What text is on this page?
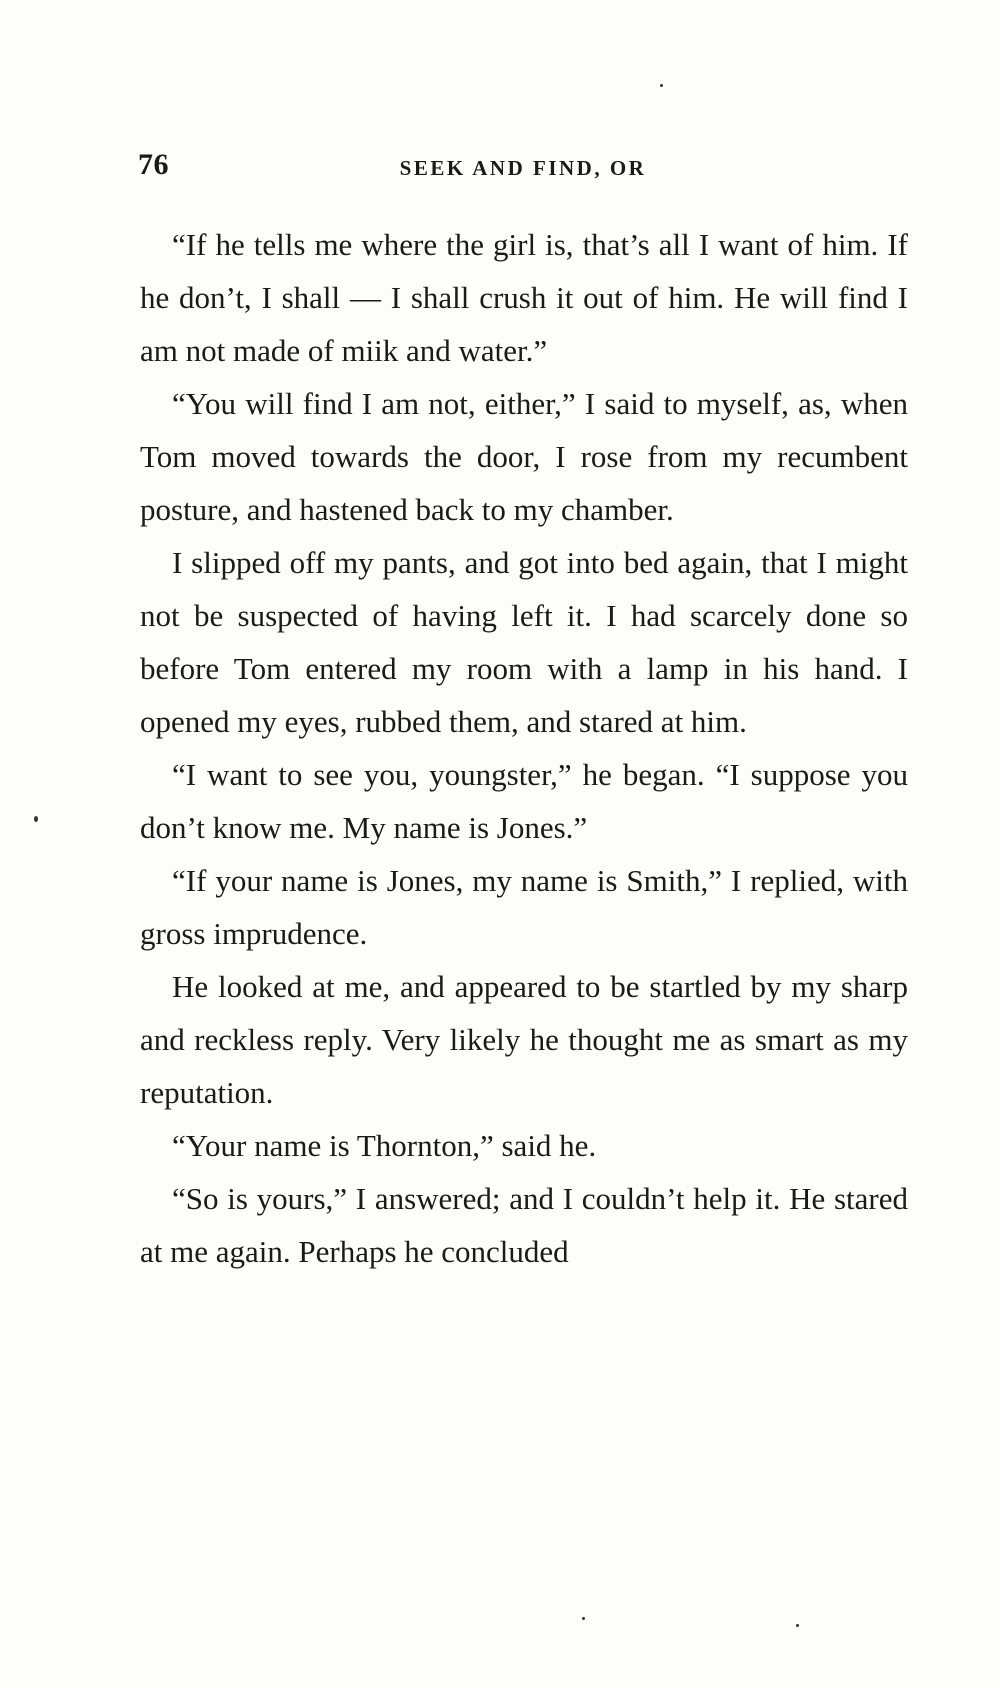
76	SEEK AND FIND, OR

“If he tells me where the girl is, that’s all I want of him. If he don’t, I shall — I shall crush it out of him. He will find I am not made of miik and water.”

“You will find I am not, either,” I said to myself, as, when Tom moved towards the door, I rose from my recumbent posture, and hastened back to my chamber.

I slipped off my pants, and got into bed again, that I might not be suspected of having left it. I had scarcely done so before Tom entered my room with a lamp in his hand. I opened my eyes, rubbed them, and stared at him.

“I want to see you, youngster,” he began. “I suppose you don’t know me. My name is Jones.”

“If your name is Jones, my name is Smith,” I replied, with gross imprudence.

He looked at me, and appeared to be startled by my sharp and reckless reply. Very likely he thought me as smart as my reputation.

“Your name is Thornton,” said he.

“So is yours,” I answered; and I couldn’t help it. He stared at me again. Perhaps he concluded
